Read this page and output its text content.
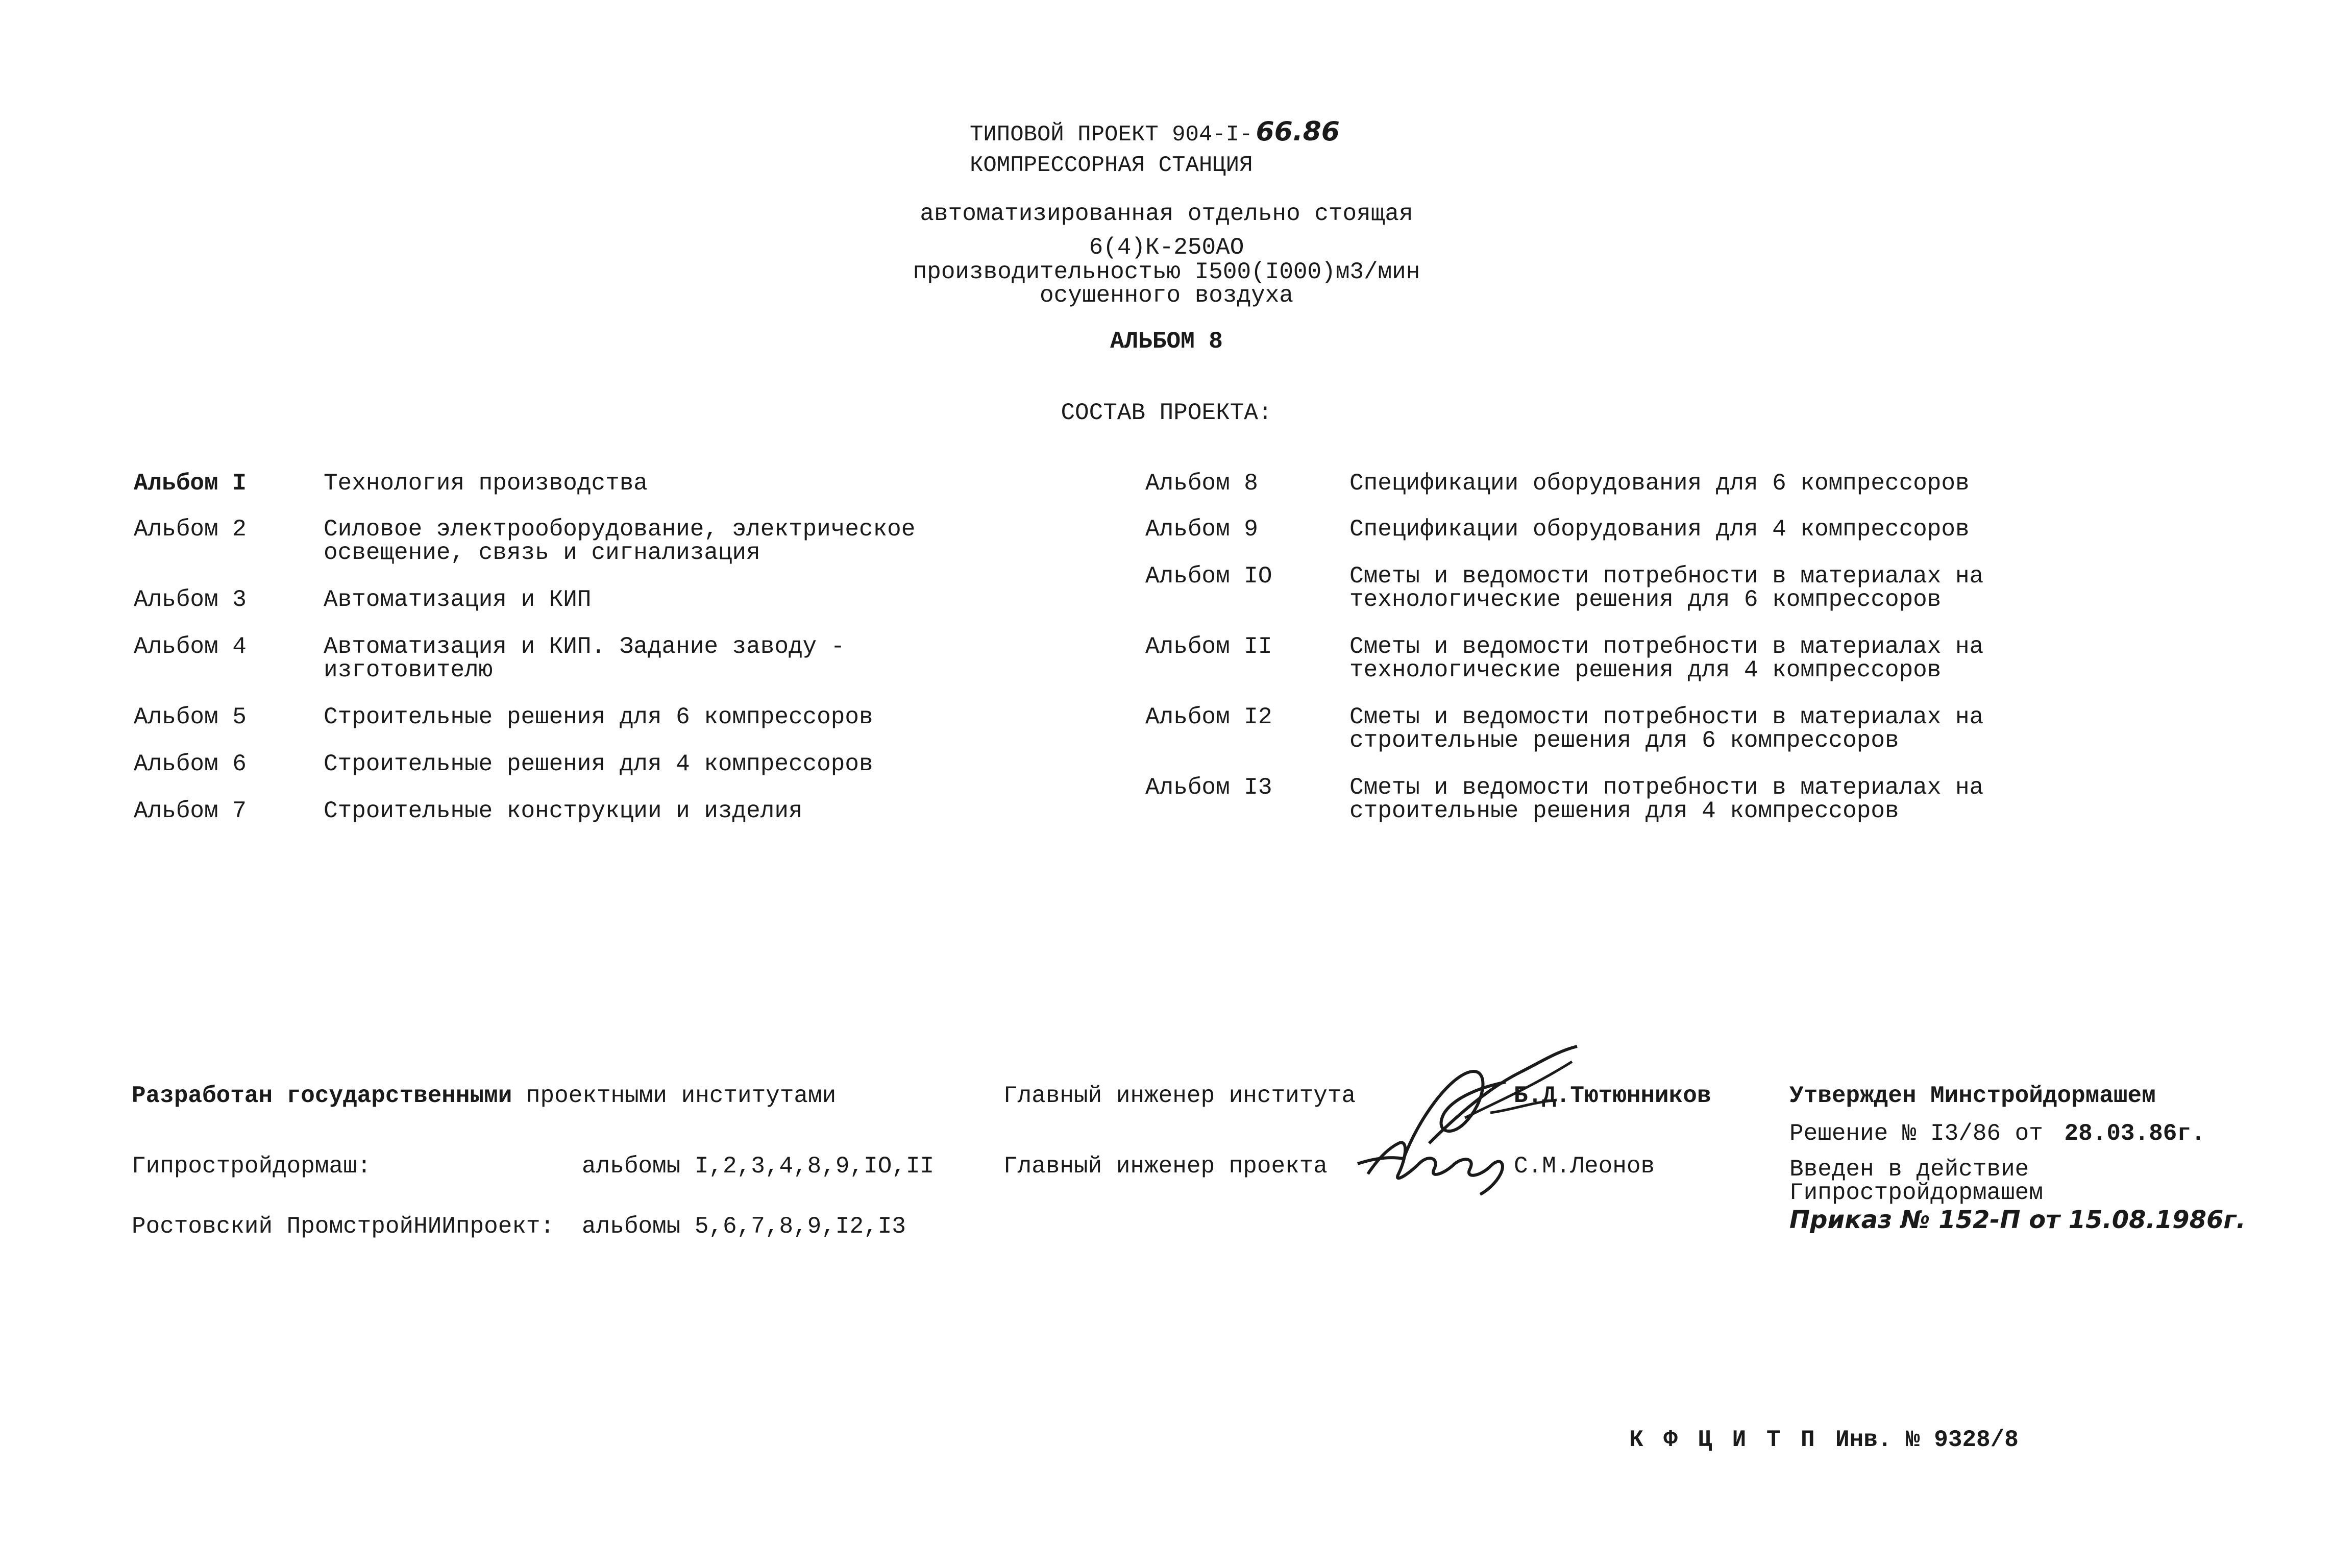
ТИПОВОЙ ПРОЕКТ 904-I- 66.86
КОМПРЕССОРНАЯ СТАНЦИЯ
автоматизированная отдельно стоящая
6(4)К-250АО
производительностью I500(I000)м3/мин
осушенного воздуха
АЛЬБОМ 8
СОСТАВ ПРОЕКТА:
Альбом I	Технология производства
Альбом 2	Силовое электрооборудование, электрическое
освещение, связь и сигнализация
Альбом 3	Автоматизация и КИП
Альбом 4	Автоматизация и КИП. Задание заводу -
изготовителю
Альбом 5	Строительные решения для 6 компрессоров
Альбом 6	Строительные решения для 4 компрессоров
Альбом 7	Строительные конструкции и изделия
Альбом 8	Спецификации оборудования для 6 компрессоров
Альбом 9	Спецификации оборудования для 4 компрессоров
Альбом IO	Сметы и ведомости потребности в материалах на
технологические решения для 6 компрессоров
Альбом II	Сметы и ведомости потребности в материалах на
технологические решения для 4 компрессоров
Альбом I2	Сметы и ведомости потребности в материалах на
строительные решения для 6 компрессоров
Альбом I3	Сметы и ведомости потребности в материалах на
строительные решения для 4 компрессоров
Разработан государственными проектными институтами
Гипростройдормаш:	альбомы I,2,3,4,8,9,IO,II
Ростовский ПромстройНИИпроект: альбомы 5,6,7,8,9,I2,I3
Главный инженер института	Б.Д.Тютюнников
Главный инженер проекта	С.М.Леонов
Утвержден Минстройдормашем
Решение № I3/86 от 28.03.86г.
Введен в действие
Гипростройдормашем
Приказ № 152-П от 15.08.1986г.
К Ф Ц И Т П Инв. № 9328/8
